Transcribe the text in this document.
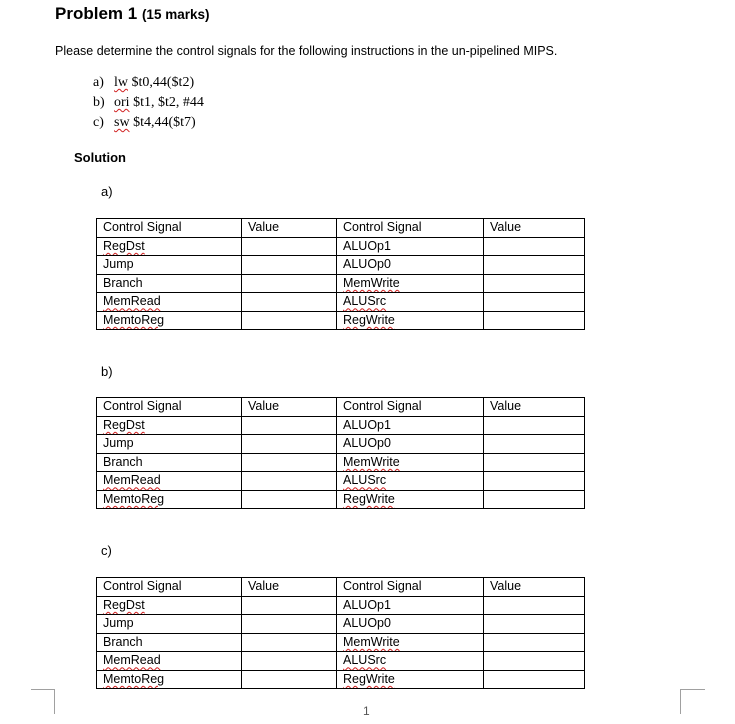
Problem 1 (15 marks)
Please determine the control signals for the following instructions in the un-pipelined MIPS.
a) lw $t0,44($t2)
b) ori $t1, $t2, #44
c) sw $t4,44($t7)
Solution
a)
Control Signal	Value	Control Signal	Value
RegDst		ALUOp1	
Jump		ALUOp0	
Branch		MemWrite	
MemRead		ALUSrc	
MemtoReg		RegWrite	
b)
Control Signal	Value	Control Signal	Value
RegDst		ALUOp1	
Jump		ALUOp0	
Branch		MemWrite	
MemRead		ALUSrc	
MemtoReg		RegWrite	
c)
Control Signal	Value	Control Signal	Value
RegDst		ALUOp1	
Jump		ALUOp0	
Branch		MemWrite	
MemRead		ALUSrc	
MemtoReg		RegWrite	
1
